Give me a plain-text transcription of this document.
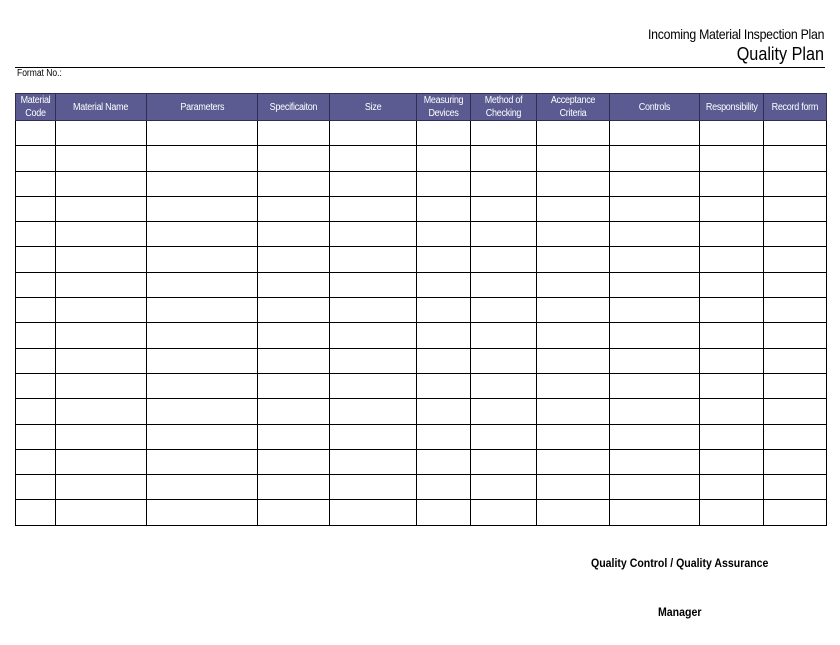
Incoming Material Inspection Plan
Quality Plan
Format No.:
Material Code	Material Name	Parameters	Specificaiton	Size	Measuring Devices	Method of Checking	Acceptance Criteria	Controls	Responsibility	Record form

Quality Control / Quality Assurance
Manager
